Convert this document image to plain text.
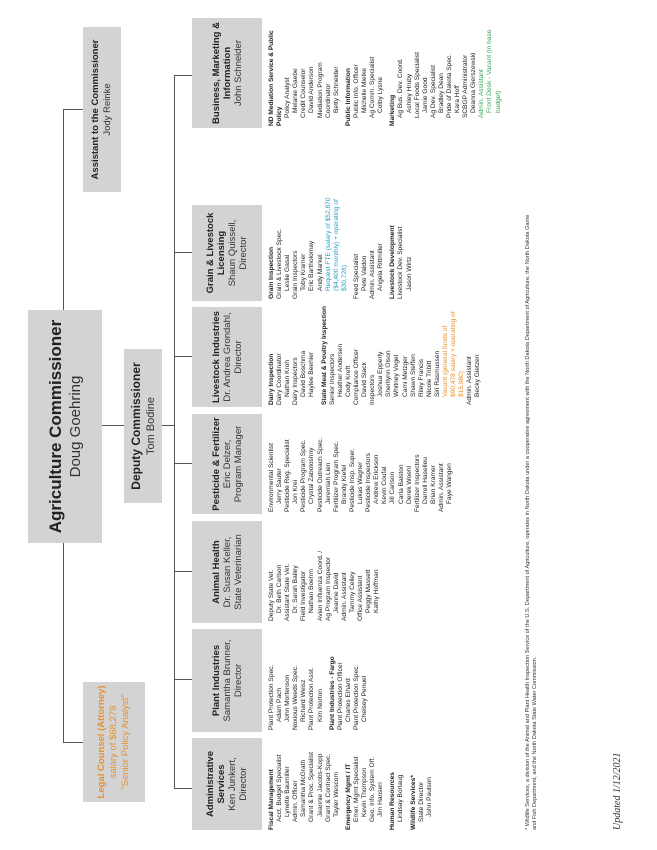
Agriculture Commissioner Doug Goehring	Deputy Commissioner Tom Bodine
Legal Counsel (Attorney) salary of $68,279 "Senior Policy Analyst"
Assistant to the Commissioner Jody Reinke
Administrative Services Ken Junkert, Director
Plant Industries Samantha Brunner, Director
Animal Health Dr. Susan Keller, State Veterinarian
Pesticide & Fertilizer Eric Delzer, Program Manager
Livestock Industries Dr. Andrea Grondahl, Director
Grain & Livestock Licensing Shaun Quissell, Director
Business, Marketing & Information John Schneider
Fiscal Management Acct. Budget Specialist Lynette Baumiller Admin. Officer Samantha McGrath Grant & Proc. Specialist Jeannie Jacobs-Kopp Grant & Contract Spec. Tayler Wescom Emergency Mgmt / IT Emer. Mgmt Specialist Kevin Thompson Geo. Info. System Off. Jim Hansen Human Resources Lindsay Borlaug Wildlife Services* State Director John Paulson
Plant Protection Spec. Adam Pach John Mortenson Noxious Weeds Spec. Richard Weisz Plant Protection Asst. Kim Norton Plant Industries - Fargo Plant Protection Officer Charles Elhard Plant Protection Spec. Chelsey Penuel
Deputy State Vet. Dr. Beth Carlson Assistant State Vet. Dr. Sarah Bailey Field Investigator Nathan Boehm Avian Influenza Coord. / Ag Program Inspector Jeanne David Admin. Assistant Tammy Celley Office Assistant Peggy Massett Kathy Hoffman
Environmental Scientist Jerry Sauter Pesticide Reg. Specialist Jon Krei Pesticide Program Spec. Crystal Zaboloshny Pesticide Outreach Spec. Jeremiah Lien Fertilizer Program Spec. Brandy Kiefel Pesticide Insp. Super. Lukas Wagner Pesticide Inspectors Andrew Erickson Kevin Coufal Jill Carlson Carla Balston Derek Woehl Fertilizer Inspectors Darrell Haselleu Brian Kramer Admin. Assistant Faye Wangen
Dairy Inspection Dairy Coordinator Nathan Kroh Dairy Inspectors David Boschma Haylee Beehler State Meat & Poultry Inspection Senior Inspectors Heather Andersen Cody Kreft Compliance Officer David Slack Inspectors Joshua Epperly Sherilynn Olson Whitney Vogel Cami Metzger Shawn Steffen Riley Francis Nicole Tribitt Siri Rasmussen Vacant (general funds of $90,478 salary + operating of $15,980) Admin. Assistant Becky Gietzen
Grain Inspection Grain & Livestock Spec. Leslie Gasal Grain Inspectors Toby Kramer Eric Bartholomay Andy Markel Request FTE (salary of $52,870 ($4,400 monthly) + operating of $30,728) Feed Specialist Pete Valdon Admin. Assistant Angela Rittmiller Livestock Development Livestock Dev. Specialist Jason Wirtz
ND Mediation Service & Public Policy Policy Analyst Melanie Gaebe Credit Counselor David Anderson Mediation Program Coordinator Betty Schneider Public Information Public Info. Officer Michelle Mielke Ag Comm. Specialist Colby Lysne Marketing Ag Bus. Dev. Coord. Ashley Hruby Local Foods Specialist Jamie Good Ag Dev. Specialist Bradley Dean Pride of Dakota Spec. Kara Hoff SCBGP Administrator Deanna Gierszewski Admin. Assistant Front Desk - Vacant (in base budget)
* Wildlife Services, a division of the Animal and Plant Health Inspection Service of the U.S. Department of Agriculture, operates in North Dakota under a cooperative agreement with the North Dakota Department of Agriculture, the North Dakota Game and Fish Department, and the North Dakota State Water Commission.	Updated 1/12/2021
